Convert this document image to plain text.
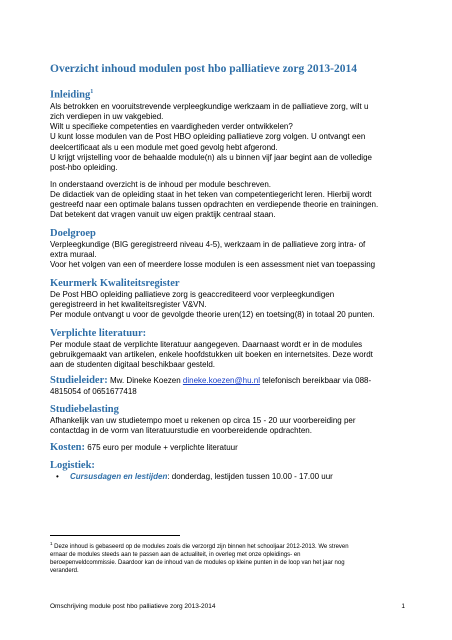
Overzicht inhoud modulen post hbo palliatieve zorg 2013-2014
Inleiding$^1$
Als betrokken en vooruitstrevende verpleegkundige werkzaam in de palliatieve zorg, wilt u
zich verdiepen in uw vakgebied.
Wilt u specifieke competenties en vaardigheden verder ontwikkelen?
U kunt losse modulen van de Post HBO opleiding palliatieve zorg volgen. U ontvangt een
deelcertificaat als u een module met goed gevolg hebt afgerond.
U krijgt vrijstelling voor de behaalde module(n) als u binnen vijf jaar begint aan de volledige
post-hbo opleiding.
In onderstaand overzicht is de inhoud per module beschreven.
De didactiek van de opleiding staat in het teken van competentiegericht leren. Hierbij wordt
gestreefd naar een optimale balans tussen opdrachten en verdiepende theorie en trainingen.
Dat betekent dat vragen vanuit uw eigen praktijk centraal staan.
Doelgroep
Verpleegkundige (BIG geregistreerd niveau 4-5), werkzaam in de palliatieve zorg intra- of
extra muraal.
Voor het volgen van een of meerdere losse modulen is een assessment niet van toepassing
Keurmerk Kwaliteitsregister
De Post HBO opleiding palliatieve zorg is geaccrediteerd voor verpleegkundigen
geregistreerd in het kwaliteitsregister V&VN.
Per module ontvangt u voor de gevolgde theorie uren(12) en toetsing(8) in totaal 20 punten.
Verplichte literatuur:
Per module staat de verplichte literatuur aangegeven. Daarnaast wordt er in de modules
gebruikgemaakt van artikelen, enkele hoofdstukken uit boeken en internetsites. Deze wordt
aan de studenten digitaal beschikbaar gesteld.
Studieleider: Mw. Dineke Koezen dineke.koezen@hu.nl telefonisch bereikbaar via 088-
4815054 of 0651677418
Studiebelasting
Afhankelijk van uw studietempo moet u rekenen op circa 15 - 20 uur voorbereiding per
contactdag in de vorm van literatuurstudie en voorbereidende opdrachten.
Kosten: 675 euro per module + verplichte literatuur
Logistiek:
•	Cursusdagen en lestijden: donderdag, lestijden tussen 10.00 - 17.00 uur
$^1$ Deze inhoud is gebaseerd op de modules zoals die verzorgd zijn binnen het schooljaar 2012-2013. We streven
ernaar de modules steeds aan te passen aan de actualiteit, in overleg met onze opleidings- en
beroepenveldcommissie. Daardoor kan de inhoud van de modules op kleine punten in de loop van het jaar nog
veranderd.
Omschrijving module post hbo palliatieve zorg 2013-2014	1
